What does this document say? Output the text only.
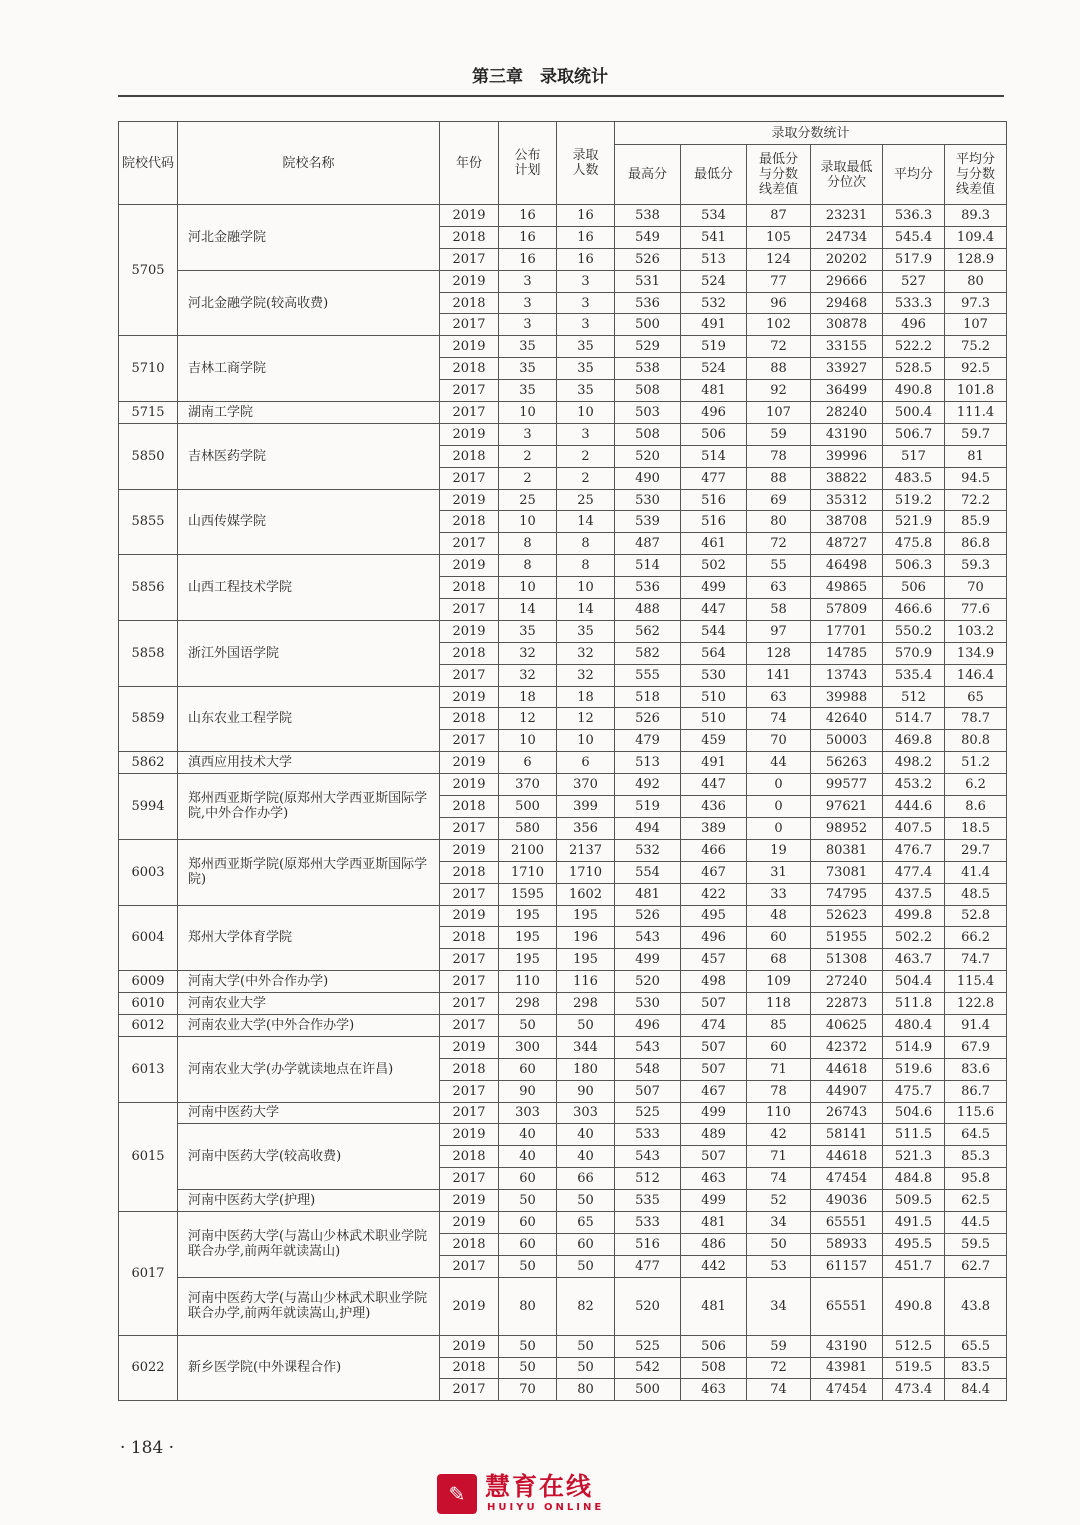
第三章　录取统计
院校代码	院校名称	年份	公布计划	录取人数	录取分数统计					
					最高分	最低分	最低分与分数线差值	录取最低分位次	平均分	平均分与分数线差值
5705	河北金融学院	2019	16	16	538	534	87	23231	536.3	89.3
		2018	16	16	549	541	105	24734	545.4	109.4
		2017	16	16	526	513	124	20202	517.9	128.9
	河北金融学院(较高收费)	2019	3	3	531	524	77	29666	527	80
		2018	3	3	536	532	96	29468	533.3	97.3
		2017	3	3	500	491	102	30878	496	107
5710	吉林工商学院	2019	35	35	529	519	72	33155	522.2	75.2
		2018	35	35	538	524	88	33927	528.5	92.5
		2017	35	35	508	481	92	36499	490.8	101.8
5715	湖南工学院	2017	10	10	503	496	107	28240	500.4	111.4
5850	吉林医药学院	2019	3	3	508	506	59	43190	506.7	59.7
		2018	2	2	520	514	78	39996	517	81
		2017	2	2	490	477	88	38822	483.5	94.5
5855	山西传媒学院	2019	25	25	530	516	69	35312	519.2	72.2
		2018	10	14	539	516	80	38708	521.9	85.9
		2017	8	8	487	461	72	48727	475.8	86.8
5856	山西工程技术学院	2019	8	8	514	502	55	46498	506.3	59.3
		2018	10	10	536	499	63	49865	506	70
		2017	14	14	488	447	58	57809	466.6	77.6
5858	浙江外国语学院	2019	35	35	562	544	97	17701	550.2	103.2
		2018	32	32	582	564	128	14785	570.9	134.9
		2017	32	32	555	530	141	13743	535.4	146.4
5859	山东农业工程学院	2019	18	18	518	510	63	39988	512	65
		2018	12	12	526	510	74	42640	514.7	78.7
		2017	10	10	479	459	70	50003	469.8	80.8
5862	滇西应用技术大学	2019	6	6	513	491	44	56263	498.2	51.2
5994	郑州西亚斯学院(原郑州大学西亚斯国际学院,中外合作办学)	2019	370	370	492	447	0	99577	453.2	6.2
		2018	500	399	519	436	0	97621	444.6	8.6
		2017	580	356	494	389	0	98952	407.5	18.5
6003	郑州西亚斯学院(原郑州大学西亚斯国际学院)	2019	2100	2137	532	466	19	80381	476.7	29.7
		2018	1710	1710	554	467	31	73081	477.4	41.4
		2017	1595	1602	481	422	33	74795	437.5	48.5
6004	郑州大学体育学院	2019	195	195	526	495	48	52623	499.8	52.8
		2018	195	196	543	496	60	51955	502.2	66.2
		2017	195	195	499	457	68	51308	463.7	74.7
6009	河南大学(中外合作办学)	2017	110	116	520	498	109	27240	504.4	115.4
6010	河南农业大学	2017	298	298	530	507	118	22873	511.8	122.8
6012	河南农业大学(中外合作办学)	2017	50	50	496	474	85	40625	480.4	91.4
6013	河南农业大学(办学就读地点在许昌)	2019	300	344	543	507	60	42372	514.9	67.9
		2018	60	180	548	507	71	44618	519.6	83.6
		2017	90	90	507	467	78	44907	475.7	86.7
6015	河南中医药大学	2017	303	303	525	499	110	26743	504.6	115.6
	河南中医药大学(较高收费)	2019	40	40	533	489	42	58141	511.5	64.5
		2018	40	40	543	507	71	44618	521.3	85.3
		2017	60	66	512	463	74	47454	484.8	95.8
	河南中医药大学(护理)	2019	50	50	535	499	52	49036	509.5	62.5
6017	河南中医药大学(与嵩山少林武术职业学院联合办学,前两年就读嵩山)	2019	60	65	533	481	34	65551	491.5	44.5
		2018	60	60	516	486	50	58933	495.5	59.5
		2017	50	50	477	442	53	61157	451.7	62.7
	河南中医药大学(与嵩山少林武术职业学院联合办学,前两年就读嵩山,护理)	2019	80	82	520	481	34	65551	490.8	43.8
6022	新乡医学院(中外课程合作)	2019	50	50	525	506	59	43190	512.5	65.5
		2018	50	50	542	508	72	43981	519.5	83.5
		2017	70	80	500	463	74	47454	473.4	84.4
· 184 ·
✎ 慧育在线
HUIYU ONLINE
